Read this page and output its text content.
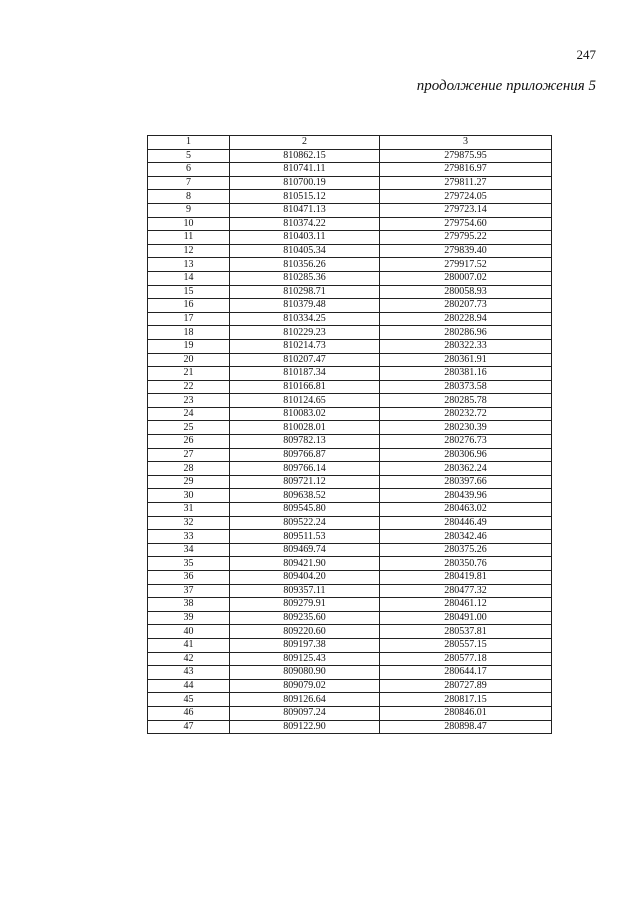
247
продолжение приложения 5
1	2	3
5	810862.15	279875.95
6	810741.11	279816.97
7	810700.19	279811.27
8	810515.12	279724.05
9	810471.13	279723.14
10	810374.22	279754.60
11	810403.11	279795.22
12	810405.34	279839.40
13	810356.26	279917.52
14	810285.36	280007.02
15	810298.71	280058.93
16	810379.48	280207.73
17	810334.25	280228.94
18	810229.23	280286.96
19	810214.73	280322.33
20	810207.47	280361.91
21	810187.34	280381.16
22	810166.81	280373.58
23	810124.65	280285.78
24	810083.02	280232.72
25	810028.01	280230.39
26	809782.13	280276.73
27	809766.87	280306.96
28	809766.14	280362.24
29	809721.12	280397.66
30	809638.52	280439.96
31	809545.80	280463.02
32	809522.24	280446.49
33	809511.53	280342.46
34	809469.74	280375.26
35	809421.90	280350.76
36	809404.20	280419.81
37	809357.11	280477.32
38	809279.91	280461.12
39	809235.60	280491.00
40	809220.60	280537.81
41	809197.38	280557.15
42	809125.43	280577.18
43	809080.90	280644.17
44	809079.02	280727.89
45	809126.64	280817.15
46	809097.24	280846.01
47	809122.90	280898.47
